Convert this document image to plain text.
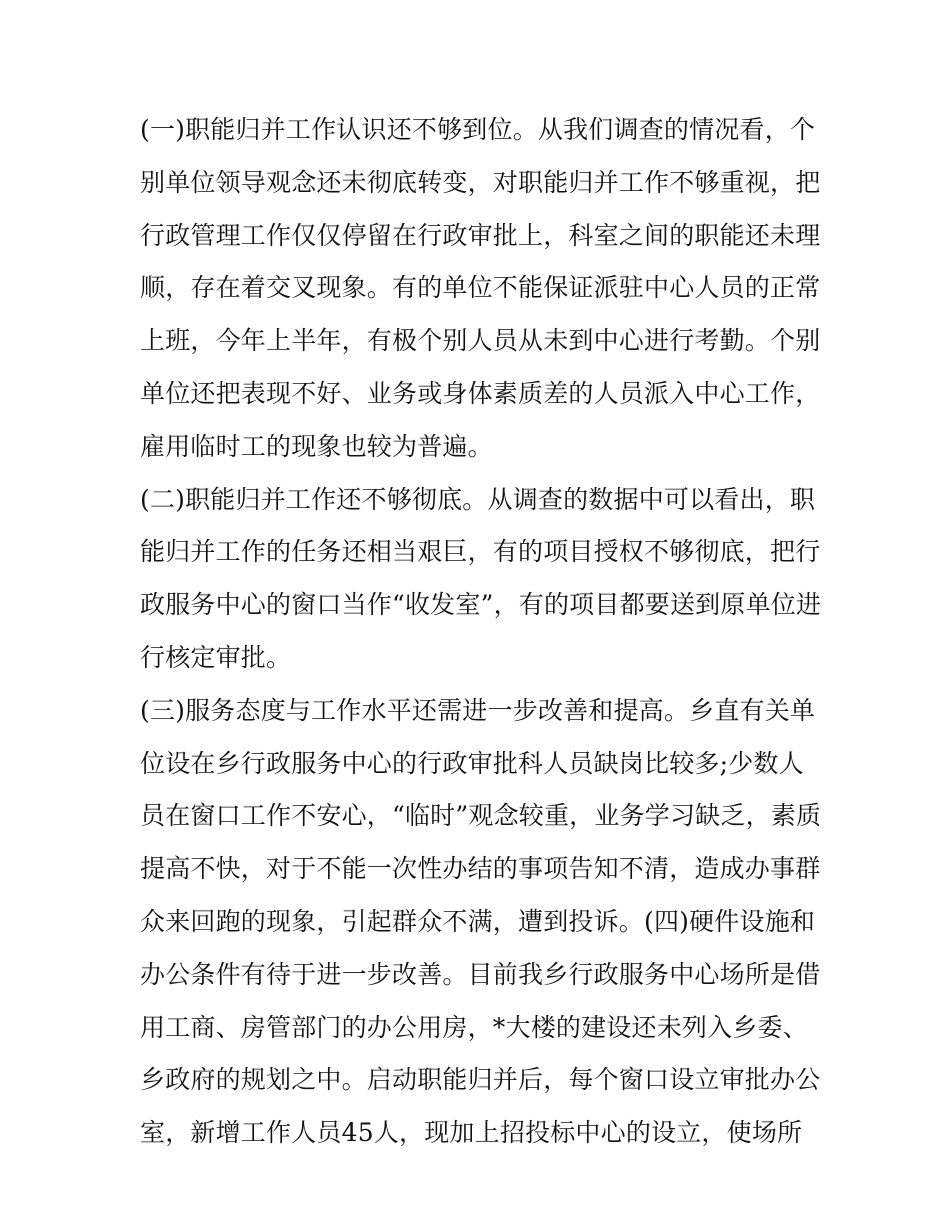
(一)职能归并工作认识还不够到位。从我们调查的情况看，个
别单位领导观念还未彻底转变，对职能归并工作不够重视，把
行政管理工作仅仅停留在行政审批上，科室之间的职能还未理
顺，存在着交叉现象。有的单位不能保证派驻中心人员的正常
上班，今年上半年，有极个别人员从未到中心进行考勤。个别
单位还把表现不好、业务或身体素质差的人员派入中心工作，
雇用临时工的现象也较为普遍。
(二)职能归并工作还不够彻底。从调查的数据中可以看出，职
能归并工作的任务还相当艰巨，有的项目授权不够彻底，把行
政服务中心的窗口当作“收发室”，有的项目都要送到原单位进
行核定审批。
(三)服务态度与工作水平还需进一步改善和提高。乡直有关单
位设在乡行政服务中心的行政审批科人员缺岗比较多;少数人
员在窗口工作不安心，“临时”观念较重，业务学习缺乏，素质
提高不快，对于不能一次性办结的事项告知不清，造成办事群
众来回跑的现象，引起群众不满，遭到投诉。(四)硬件设施和
办公条件有待于进一步改善。目前我乡行政服务中心场所是借
用工商、房管部门的办公用房，*大楼的建设还未列入乡委、
乡政府的规划之中。启动职能归并后，每个窗口设立审批办公
室，新增工作人员45人，现加上招投标中心的设立，使场所
